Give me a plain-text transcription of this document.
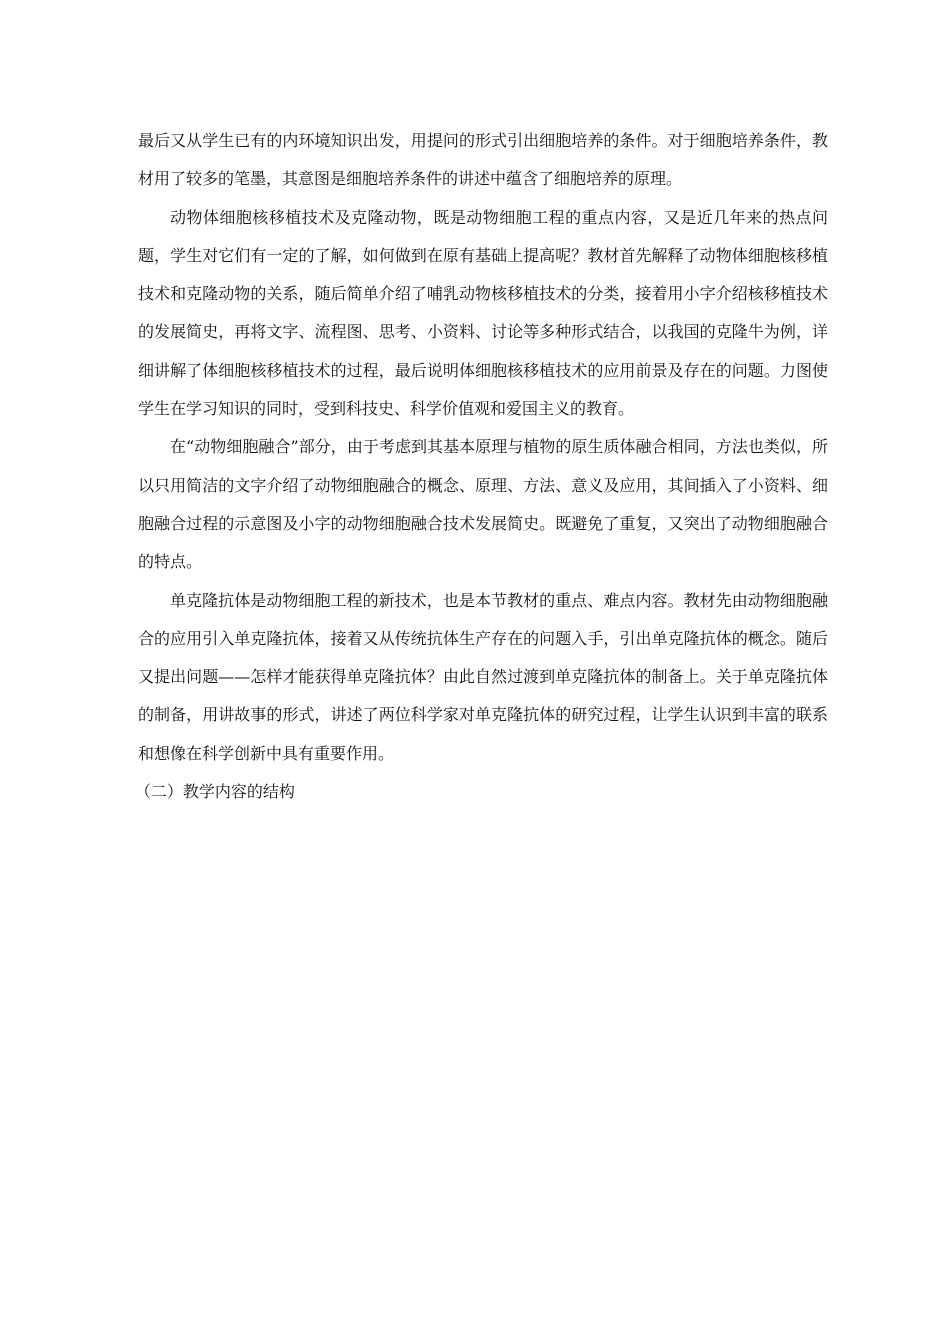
最后又从学生已有的内环境知识出发，用提问的形式引出细胞培养的条件。对于细胞培养条件，教材用了较多的笔墨，其意图是细胞培养条件的讲述中蕴含了细胞培养的原理。

动物体细胞核移植技术及克隆动物，既是动物细胞工程的重点内容，又是近几年来的热点问题，学生对它们有一定的了解，如何做到在原有基础上提高呢？教材首先解释了动物体细胞核移植技术和克隆动物的关系，随后简单介绍了哺乳动物核移植技术的分类，接着用小字介绍核移植技术的发展简史，再将文字、流程图、思考、小资料、讨论等多种形式结合，以我国的克隆牛为例，详细讲解了体细胞核移植技术的过程，最后说明体细胞核移植技术的应用前景及存在的问题。力图使学生在学习知识的同时，受到科技史、科学价值观和爱国主义的教育。

在“动物细胞融合”部分，由于考虑到其基本原理与植物的原生质体融合相同，方法也类似，所以只用简洁的文字介绍了动物细胞融合的概念、原理、方法、意义及应用，其间插入了小资料、细胞融合过程的示意图及小字的动物细胞融合技术发展简史。既避免了重复，又突出了动物细胞融合的特点。

单克隆抗体是动物细胞工程的新技术，也是本节教材的重点、难点内容。教材先由动物细胞融合的应用引入单克隆抗体，接着又从传统抗体生产存在的问题入手，引出单克隆抗体的概念。随后又提出问题——怎样才能获得单克隆抗体？由此自然过渡到单克隆抗体的制备上。关于单克隆抗体的制备，用讲故事的形式，讲述了两位科学家对单克隆抗体的研究过程，让学生认识到丰富的联系和想像在科学创新中具有重要作用。

（二）教学内容的结构
